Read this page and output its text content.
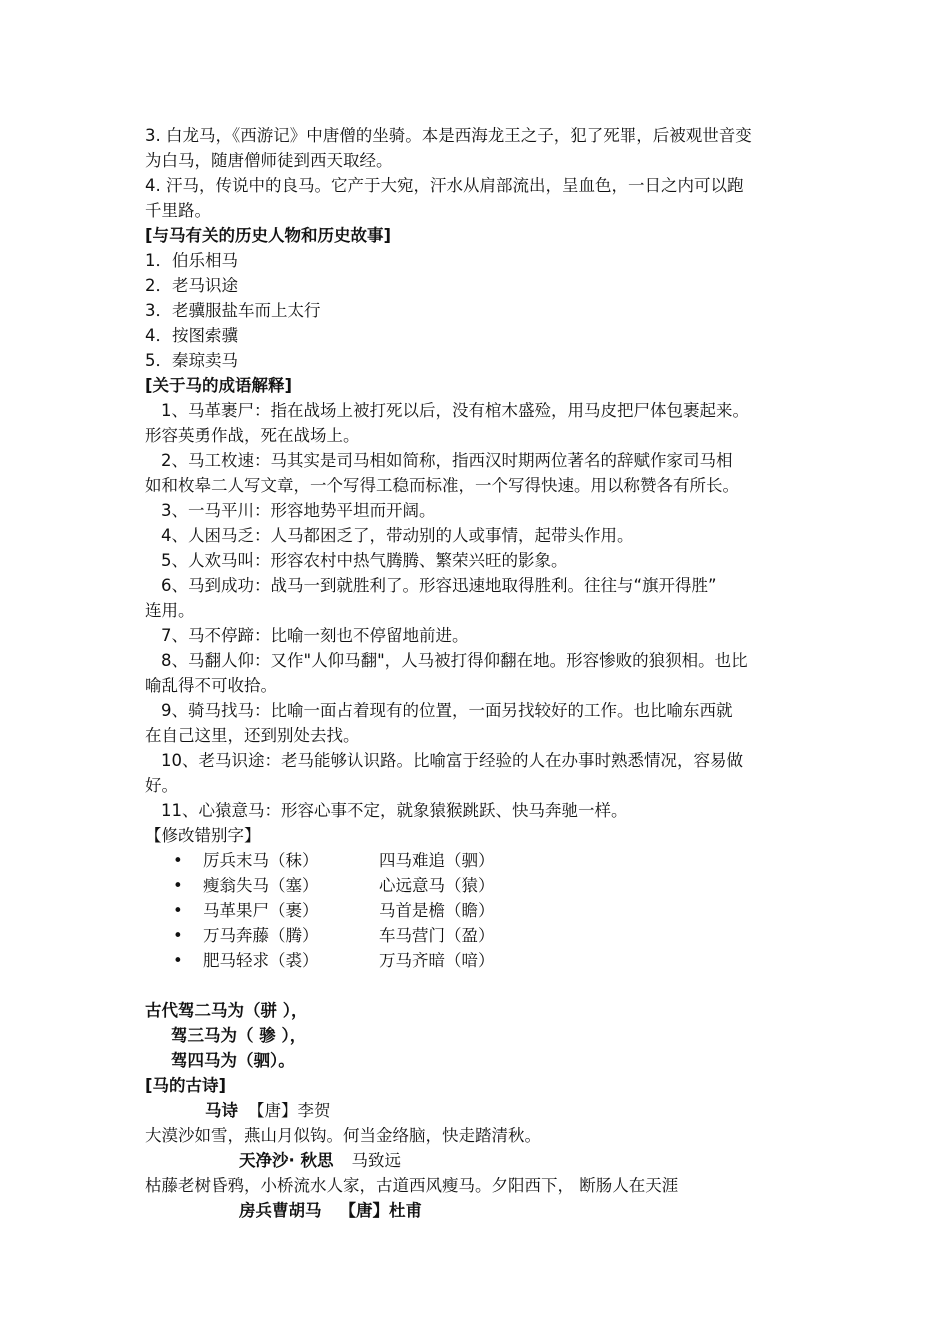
3. 白龙马，《西游记》中唐僧的坐骑。本是西海龙王之子，犯了死罪，后被观世音变
为白马，随唐僧师徒到西天取经。
4. 汗马，传说中的良马。它产于大宛，汗水从肩部流出，呈血色，一日之内可以跑
千里路。
[与马有关的历史人物和历史故事]
1．伯乐相马
2．老马识途
3．老骥服盐车而上太行
4．按图索骥
5．秦琼卖马
[关于马的成语解释]
1、马革裹尸：指在战场上被打死以后，没有棺木盛殓，用马皮把尸体包裹起来。
形容英勇作战，死在战场上。
2、马工枚速：马其实是司马相如简称，指西汉时期两位著名的辞赋作家司马相
如和枚皋二人写文章，一个写得工稳而标准，一个写得快速。用以称赞各有所长。
3、一马平川：形容地势平坦而开阔。
4、人困马乏：人马都困乏了，带动别的人或事情，起带头作用。
5、人欢马叫：形容农村中热气腾腾、繁荣兴旺的影象。
6、马到成功：战马一到就胜利了。形容迅速地取得胜利。往往与“旗开得胜”
连用。
7、马不停蹄：比喻一刻也不停留地前进。
8、马翻人仰：又作"人仰马翻"，人马被打得仰翻在地。形容惨败的狼狈相。也比
喻乱得不可收拾。
9、骑马找马：比喻一面占着现有的位置，一面另找较好的工作。也比喻东西就
在自己这里，还到别处去找。
10、老马识途：老马能够认识路。比喻富于经验的人在办事时熟悉情况，容易做
好。
11、心猿意马：形容心事不定，就象猿猴跳跃、快马奔驰一样。
【修改错别字】
•	厉兵末马（秣）	四马难追（驷）
•	瘦翁失马（塞）	心远意马（猿）
•	马革果尸（裹）	马首是檐（瞻）
•	万马奔藤（腾）	车马营门（盈）
•	肥马轻求（裘）	万马齐暗（喑）
古代驾二马为（骈 ），
驾三马为（ 骖 ），
驾四马为（驷）。
[马的古诗]
马诗 【唐】李贺
大漠沙如雪，燕山月似钩。何当金络脑，快走踏清秋。
天净沙· 秋思 马致远
枯藤老树昏鸦，小桥流水人家，古道西风瘦马。夕阳西下， 断肠人在天涯
房兵曹胡马 【唐】杜甫
